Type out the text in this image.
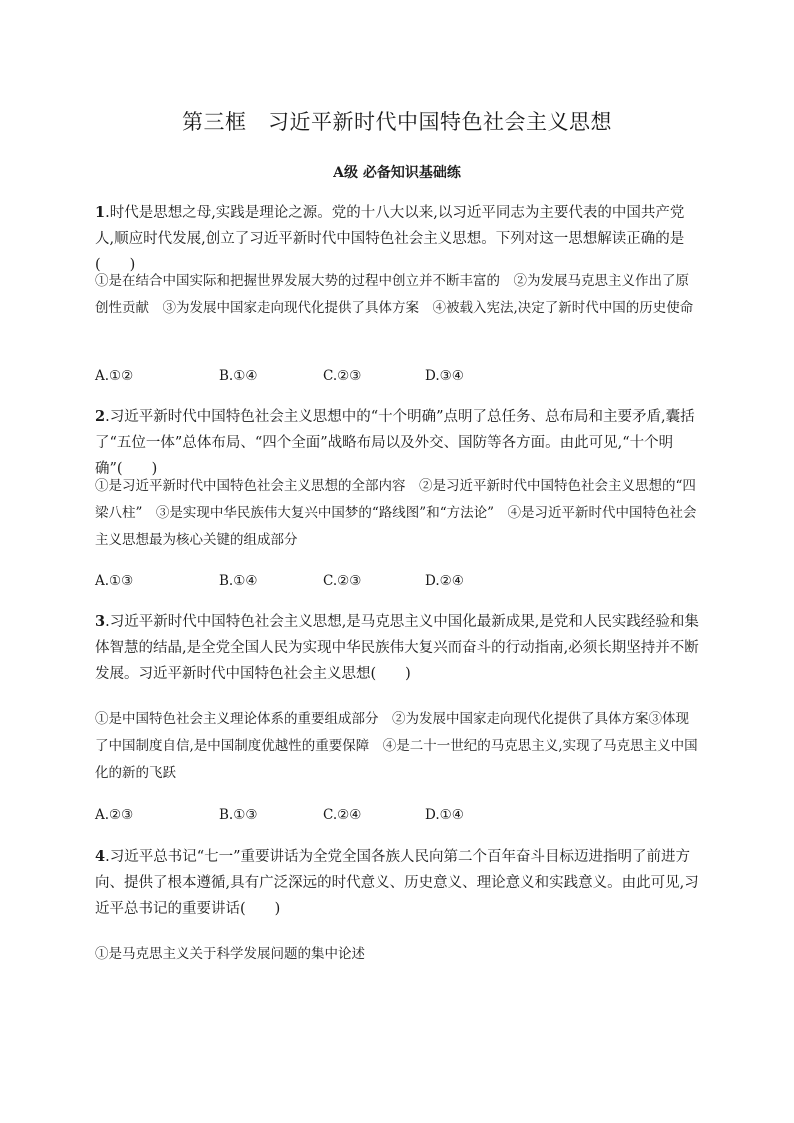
第三框　习近平新时代中国特色社会主义思想
A级 必备知识基础练

1.时代是思想之母,实践是理论之源。党的十八大以来,以习近平同志为主要代表的中国共产党人,顺应时代发展,创立了习近平新时代中国特色社会主义思想。下列对这一思想解读正确的是(　　)

①是在结合中国实际和把握世界发展大势的过程中创立并不断丰富的　②为发展马克思主义作出了原创性贡献　③为发展中国家走向现代化提供了具体方案　④被载入宪法,决定了新时代中国的历史使命

A.①②	B.①④	C.②③	D.③④

2.习近平新时代中国特色社会主义思想中的“十个明确”点明了总任务、总布局和主要矛盾,囊括了“五位一体”总体布局、“四个全面”战略布局以及外交、国防等各方面。由此可见,“十个明确”(　　)

①是习近平新时代中国特色社会主义思想的全部内容　②是习近平新时代中国特色社会主义思想的“四梁八柱”　③是实现中华民族伟大复兴中国梦的“路线图”和“方法论”　④是习近平新时代中国特色社会主义思想最为核心关键的组成部分

A.①③	B.①④	C.②③	D.②④

3.习近平新时代中国特色社会主义思想,是马克思主义中国化最新成果,是党和人民实践经验和集体智慧的结晶,是全党全国人民为实现中华民族伟大复兴而奋斗的行动指南,必须长期坚持并不断发展。习近平新时代中国特色社会主义思想(　　)

①是中国特色社会主义理论体系的重要组成部分　②为发展中国家走向现代化提供了具体方案③体现了中国制度自信,是中国制度优越性的重要保障　④是二十一世纪的马克思主义,实现了马克思主义中国化的新的飞跃

A.②③	B.①③	C.②④	D.①④

4.习近平总书记“七一”重要讲话为全党全国各族人民向第二个百年奋斗目标迈进指明了前进方向、提供了根本遵循,具有广泛深远的时代意义、历史意义、理论意义和实践意义。由此可见,习近平总书记的重要讲话(　　)

①是马克思主义关于科学发展问题的集中论述
